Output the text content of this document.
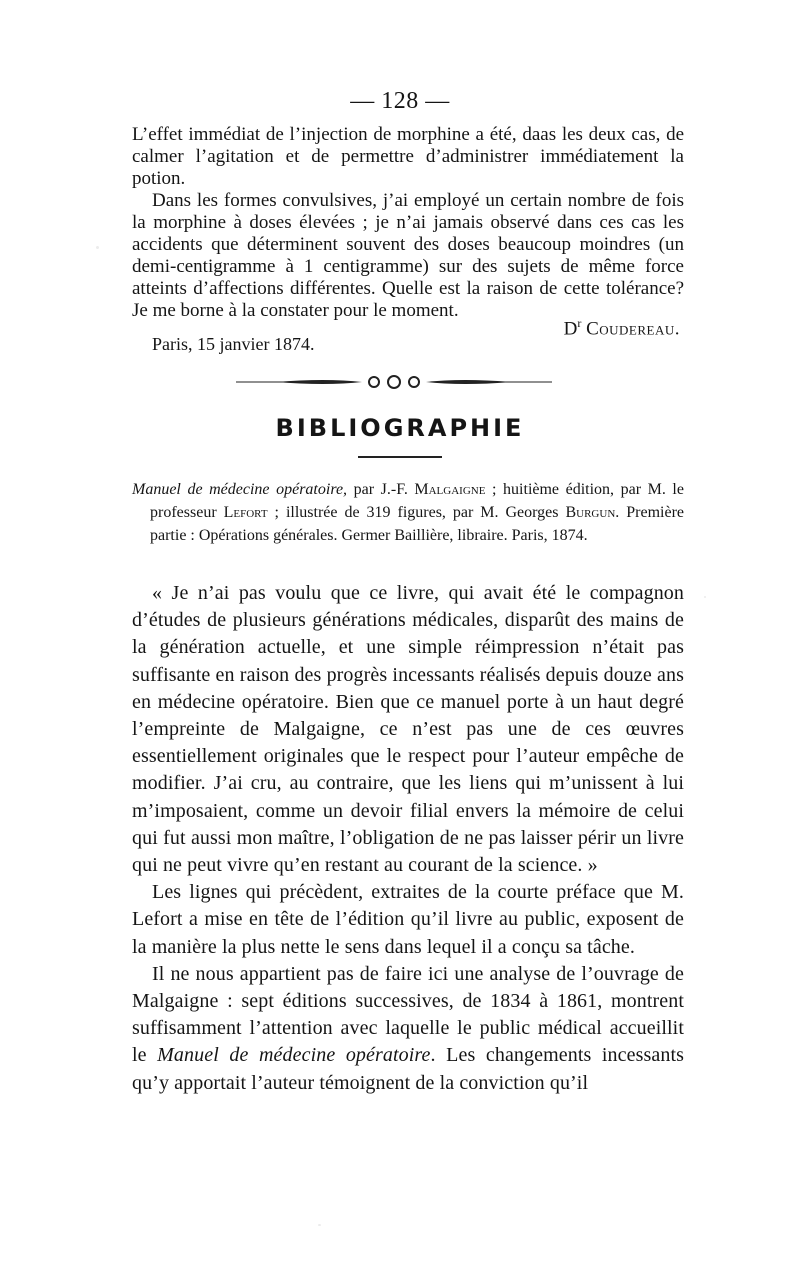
— 128 —

L’effet immédiat de l’injection de morphine a été, daas les deux cas, de calmer l’agitation et de permettre d’administrer immédiatement la potion.

Dans les formes convulsives, j’ai employé un certain nombre de fois la morphine à doses élevées ; je n’ai jamais observé dans ces cas les accidents que déterminent souvent des doses beaucoup moindres (un demi-centigramme à 1 centigramme) sur des sujets de même force atteints d’affections différentes. Quelle est la raison de cette tolérance? Je me borne à la constater pour le moment.

$D^r$ Coudereau.
Paris, 15 janvier 1874.
BIBLIOGRAPHIE

Manuel de médecine opératoire, par J.-F. Malgaigne ; huitième édition, par M. le professeur Lefort ; illustrée de 319 figures, par M. Georges Burgun. Première partie : Opérations générales. Germer Baillière, libraire. Paris, 1874.

« Je n’ai pas voulu que ce livre, qui avait été le compagnon d’études de plusieurs générations médicales, disparût des mains de la génération actuelle, et une simple réimpression n’était pas suffisante en raison des progrès incessants réalisés depuis douze ans en médecine opératoire. Bien que ce manuel porte à un haut degré l’empreinte de Malgaigne, ce n’est pas une de ces œuvres essentiellement originales que le respect pour l’auteur empêche de modifier. J’ai cru, au contraire, que les liens qui m’unissent à lui m’imposaient, comme un devoir filial envers la mémoire de celui qui fut aussi mon maître, l’obligation de ne pas laisser périr un livre qui ne peut vivre qu’en restant au courant de la science. »

Les lignes qui précèdent, extraites de la courte préface que M. Lefort a mise en tête de l’édition qu’il livre au public, exposent de la manière la plus nette le sens dans lequel il a conçu sa tâche.

Il ne nous appartient pas de faire ici une analyse de l’ouvrage de Malgaigne : sept éditions successives, de 1834 à 1861, montrent suffisamment l’attention avec laquelle le public médical accueillit le Manuel de médecine opératoire. Les changements incessants qu’y apportait l’auteur témoignent de la conviction qu’il
